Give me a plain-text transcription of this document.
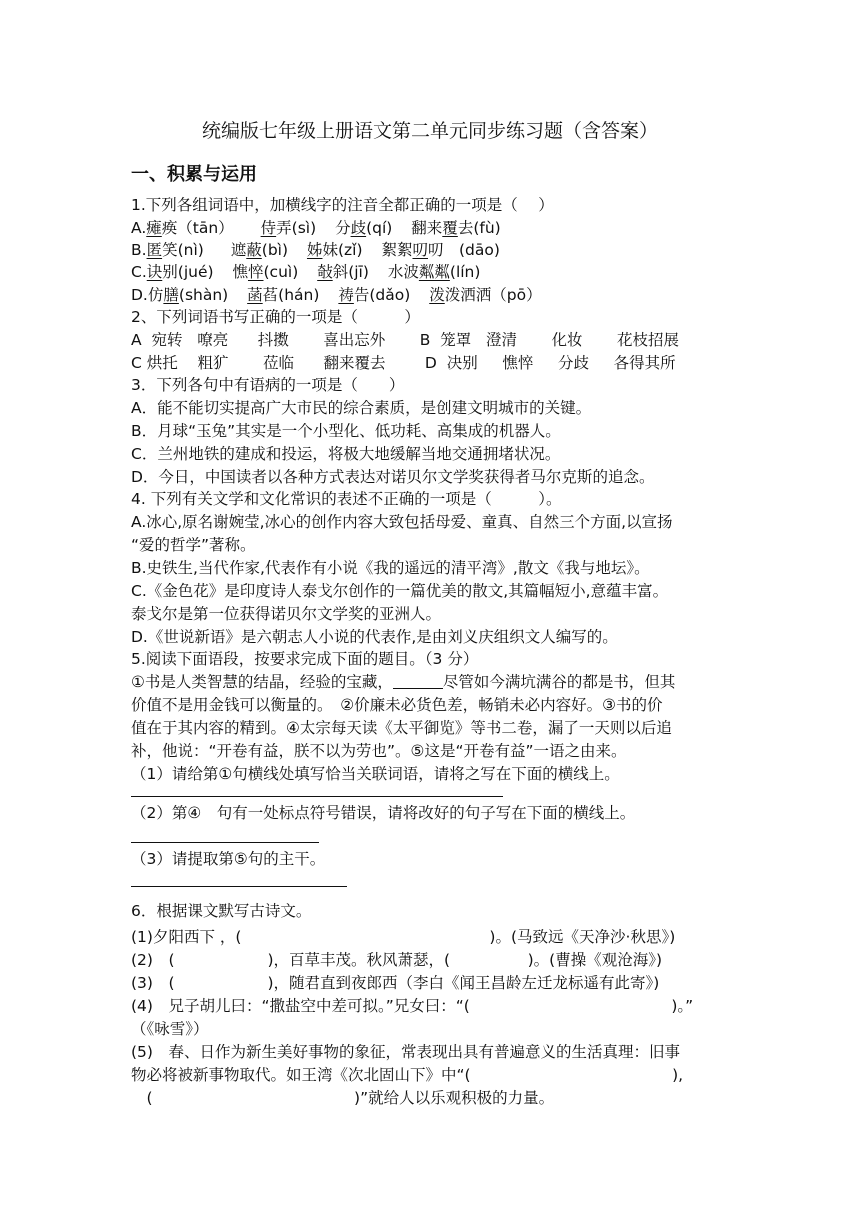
统编版七年级上册语文第二单元同步练习题（含答案）
一、积累与运用
1.下列各组词语中，加横线字的注音全都正确的一项是（　 ）
A.瘫痪（tān） 侍弄(sì) 分歧(qí) 翻来覆去(fù)
B.匿笑(nì) 遮蔽(bì) 姊妹(zǐ) 絮絮叨叨　(dāo)
C.诀别(jué) 憔悴(cuì) 敧斜(jī) 水波粼粼(lín)
D.仿膳(shàn) 菡萏(hán) 祷告(dǎo) 泼泼洒洒（pō）
2、下列词语书写正确的一项是（　　　）
A  宛转   嘹亮      抖擞       喜出忘外       B  笼罩   澄清       化妆       花枝招展
C 烘托    粗犷       莅临      翻来覆去        D  决别     憔悴     分歧     各得其所
3．下列各句中有语病的一项是（　　）
A．能不能切实提高广大市民的综合素质，是创建文明城市的关键。
B．月球“玉兔”其实是一个小型化、低功耗、高集成的机器人。
C．兰州地铁的建成和投运，将极大地缓解当地交通拥堵状况。
D．今日，中国读者以各种方式表达对诺贝尔文学奖获得者马尔克斯的追念。
4. 下列有关文学和文化常识的表述不正确的一项是（　　　）。
A.冰心,原名谢婉莹,冰心的创作内容大致包括母爱、童真、自然三个方面,以宣扬
“爱的哲学”著称。
B.史铁生,当代作家,代表作有小说《我的遥远的清平湾》,散文《我与地坛》。
C.《金色花》是印度诗人泰戈尔创作的一篇优美的散文,其篇幅短小,意蕴丰富。
泰戈尔是第一位获得诺贝尔文学奖的亚洲人。
D.《世说新语》是六朝志人小说的代表作,是由刘义庆组织文人编写的。
5.阅读下面语段，按要求完成下面的题目。（3 分）
①书是人类智慧的结晶，经验的宝藏，	尽管如今满坑满谷的都是书，但其
价值不是用金钱可以衡量的。　②价廉未必货色差，畅销未必内容好。③书的价
值在于其内容的精到。④太宗每天读《太平御览》等书二卷，漏了一天则以后追
补，他说：“开卷有益，朕不以为劳也”。⑤这是“开卷有益”一语之由来。
（1）请给第①句横线处填写恰当关联词语，请将之写在下面的横线上。
（2）第④　句有一处标点符号错误，请将改好的句子写在下面的横线上。
（3）请提取第⑤句的主干。
6．根据课文默写古诗文。
(1)夕阳西下 ，(　　　　　　　　　　　　　　　　)。(马致远《天净沙·秋思》)
(2)　(　　　　　　)，百草丰茂。秋风萧瑟，(　　　　　)。(曹操《观沧海》)
(3)　(　　　　　　)，随君直到夜郎西（李白《闻王昌龄左迁龙标遥有此寄》)
(4)　兄子胡儿曰：“撒盐空中差可拟。”兄女曰：“(　　　　　　　　　　　　　)。”
（《咏雪》）
(5)　春、日作为新生美好事物的象征，常表现出具有普遍意义的生活真理：旧事
物必将被新事物取代。如王湾《次北固山下》中“(　　　　　　　　　　　　　),
　(　　　　　　　　　　　　　)”就给人以乐观积极的力量。
